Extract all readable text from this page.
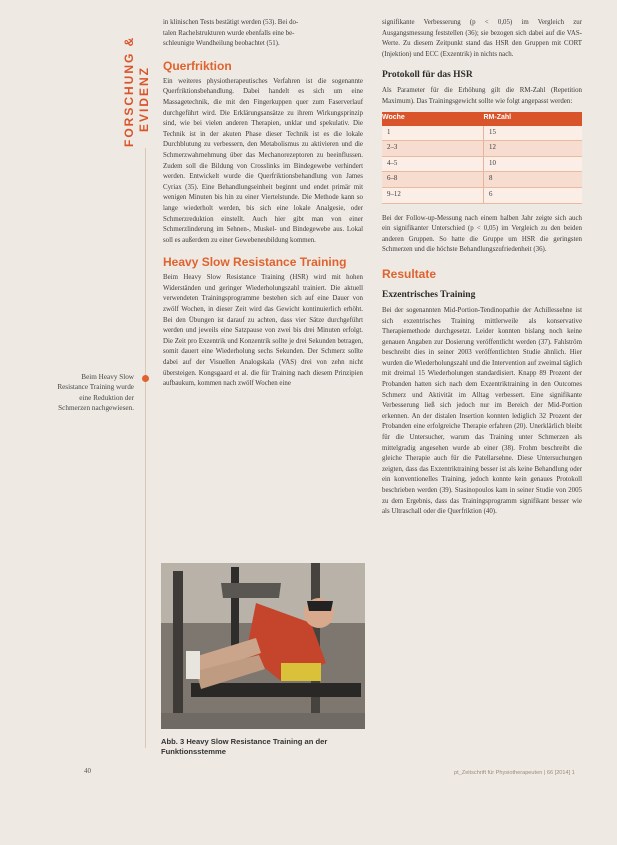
FORSCHUNG & EVIDENZ
Beim Heavy Slow Resistance Training wurde eine Reduktion der Schmerzen nachgewiesen.

in klinischen Tests bestätigt werden (53). Bei do-

talen Rachelstrukturen wurde ebenfalls eine be-

schleunigte Wundheilung beobachtet (51).

Querfriktion

Ein weiteres physiotherapeutisches Verfahren ist die sogenannte Querfriktionsbehandlung. Dabei handelt es sich um eine Massagetechnik, die mit den Fingerkuppen quer zum Faserverlauf durchgeführt wird. Die Erklärungsansätze zu ihrem Wirkungsprinzip sind, wie bei vielen anderen Therapien, unklar und spekulativ. Die Technik ist in der akuten Phase dieser Technik ist es die lokale Durchblutung zu verbessern, den Metabolismus zu aktivieren und die Schmerzwahrnehmung über das Mechanorezeptoren zu beeinflussen. Zudem soll die Bildung von Crosslinks im Bindegewebe verhindert werden. Entwickelt wurde die Querfriktionsbehandlung von James Cyriax (35). Eine Behandlungseinheit beginnt und endet primär mit wenigen Minuten bis hin zu einer Viertelstunde. Die Methode kann so lange wiederholt werden, bis sich eine lokale Analgesie, oder Schmerzreduktion einstellt. Auch hier gibt man von einer Schmerzlinderung im Sehnen-, Muskel- und Bindegewebe aus. Lokal soll es außerdem zu einer Gewebeneubildung kommen.

Heavy Slow Resistance Training

Beim Heavy Slow Resistance Training (HSR) wird mit hohen Widerständen und geringer Wiederholungszahl trainiert. Die aktuell verwendeten Trainingsprogramme bestehen sich auf eine Dauer von zwölf Wochen, in dieser Zeit wird das Gewicht kontinuierlich erhöht. Bei den Übungen ist darauf zu achten, dass vier Sätze durchgeführt werden und jeweils eine Satzpause von zwei bis drei Minuten erfolgt. Die Zeit pro Exzentrik und Konzentrik sollte je drei Sekunden betragen, somit dauert eine Wiederholung sechs Sekunden. Der Schmerz sollte dabei auf der Visuellen Analogskala (VAS) drei von zehn nicht übersteigen. Kongsgaard et al. die für Training nach diesem Prinzipien aufbaukum, kommen nach zwölf Wochen eine

Abb. 3 Heavy Slow Resistance Training an der Funktionsstemme

signifikante Verbesserung (p < 0,05) im Vergleich zur Ausgangsmessung feststellen (36); sie bezogen sich dabei auf die VAS-Werte. Zu diesem Zeitpunkt stand das HSR den Gruppen mit CORT (Injektion) und ECC (Exzentrik) in nichts nach.

Protokoll für das HSR

Als Parameter für die Erhöhung gilt die RM-Zahl (Repetition Maximum). Das Trainingsgewicht sollte wie folgt angepasst werden:

Woche	RM-Zahl
1	15
2–3	12
4–5	10
6–8	8
9–12	6

Bei der Follow-up-Messung nach einem halben Jahr zeigte sich auch ein signifikanter Unterschied (p < 0,05) im Vergleich zu den beiden anderen Gruppen. So hatte die Gruppe um HSR die geringsten Schmerzen und die höchste Behandlungszufriedenheit (36).

Resultate
Exzentrisches Training

Bei der sogenannten Mid-Portion-Tendinopathie der Achillessehne ist sich exzentrisches Training mittlerweile als konservative Therapiemethode durchgesetzt. Leider konnten bislang noch keine genauen Angaben zur Dosierung veröffentlicht werden (37). Fahlström beschreibt dies in seiner 2003 veröffentlichten Studie ähnlich. Hier wurden die Wiederholungszahl und die Intervention auf zweimal täglich mit dreimal 15 Wiederholungen standardisiert. Knapp 89 Prozent der Probanden hatten sich nach dem Exzentriktraining in den Outcomes Schmerz und Aktivität im Alltag verbessert. Eine signifikante Verbesserung ließ sich jedoch nur im Bereich der Mid-Portion erkennen. An der distalen Insertion konnten lediglich 32 Prozent der Probanden eine erfolgreiche Therapie erfahren (20). Unerklärlich bleibt für die Untersucher, warum das Training unter Schmerzen als mittelgradig angesehen wurde ab einer (38). Frohm beschreibt die gleiche Therapie auch für die Patellarsehne. Diese Untersuchungen zeigten, dass das Exzentriktraining besser ist als keine Behandlung oder ein konventionelles Training, jedoch konnte kein genaues Protokoll beschrieben werden (39). Stasinopoulos kam in seiner Studie von 2005 zu dem Ergebnis, dass das Trainingsprogramm signifikant besser wie als Ultraschall oder die Querfriktion (40).

40	pt_Zeitschrift für Physiotherapeuten | 66 [2014] 1
